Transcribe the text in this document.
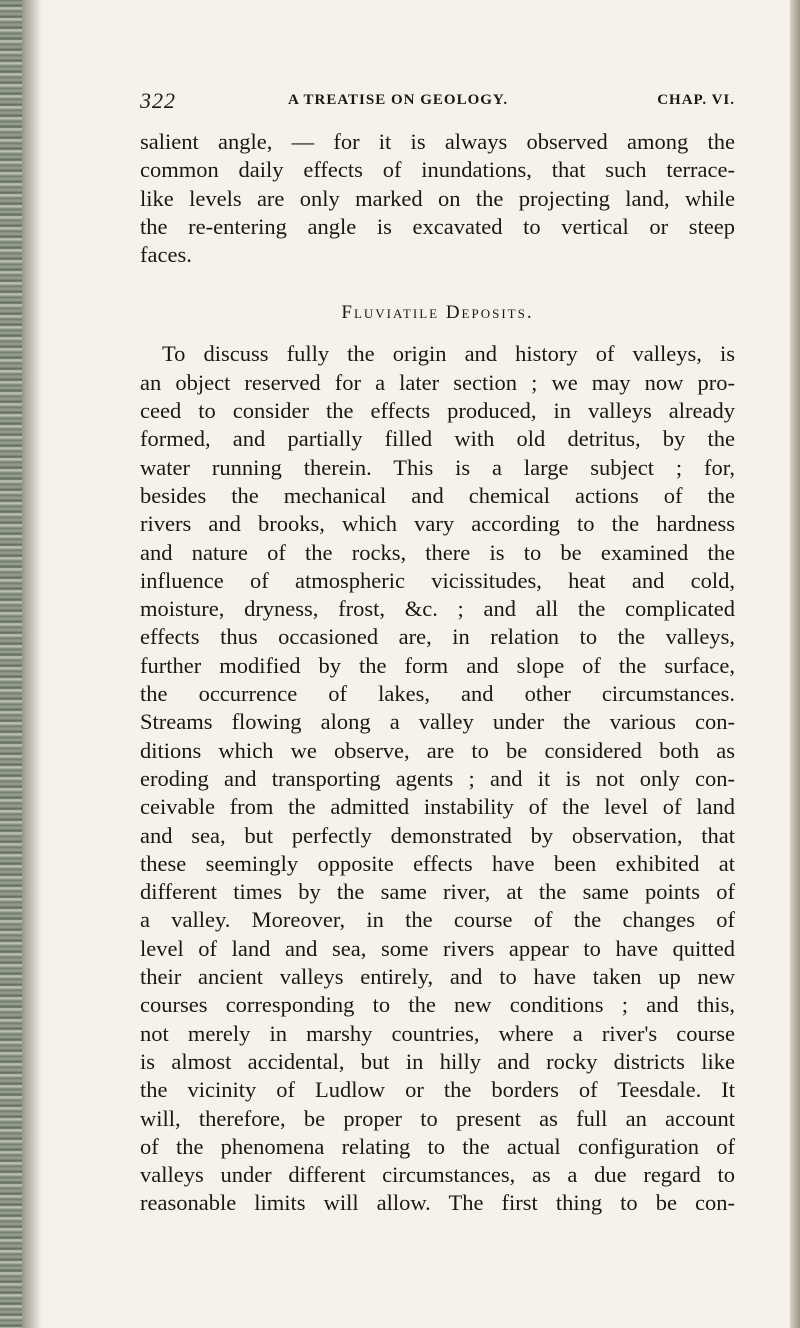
322	A TREATISE ON GEOLOGY.	CHAP. VI.
salient angle, — for it is always observed among the
common daily effects of inundations, that such terrace-
like levels are only marked on the projecting land, while
the re-entering angle is excavated to vertical or steep
faces.
Fluviatile Deposits.
To discuss fully the origin and history of valleys, is
an object reserved for a later section ; we may now pro-
ceed to consider the effects produced, in valleys already
formed, and partially filled with old detritus, by the
water running therein. This is a large subject ; for,
besides the mechanical and chemical actions of the
rivers and brooks, which vary according to the hardness
and nature of the rocks, there is to be examined the
influence of atmospheric vicissitudes, heat and cold,
moisture, dryness, frost, &c. ; and all the complicated
effects thus occasioned are, in relation to the valleys,
further modified by the form and slope of the surface,
the occurrence of lakes, and other circumstances.
Streams flowing along a valley under the various con-
ditions which we observe, are to be considered both as
eroding and transporting agents ; and it is not only con-
ceivable from the admitted instability of the level of land
and sea, but perfectly demonstrated by observation, that
these seemingly opposite effects have been exhibited at
different times by the same river, at the same points of
a valley. Moreover, in the course of the changes of
level of land and sea, some rivers appear to have quitted
their ancient valleys entirely, and to have taken up new
courses corresponding to the new conditions ; and this,
not merely in marshy countries, where a river's course
is almost accidental, but in hilly and rocky districts like
the vicinity of Ludlow or the borders of Teesdale. It
will, therefore, be proper to present as full an account
of the phenomena relating to the actual configuration of
valleys under different circumstances, as a due regard to
reasonable limits will allow. The first thing to be con-
